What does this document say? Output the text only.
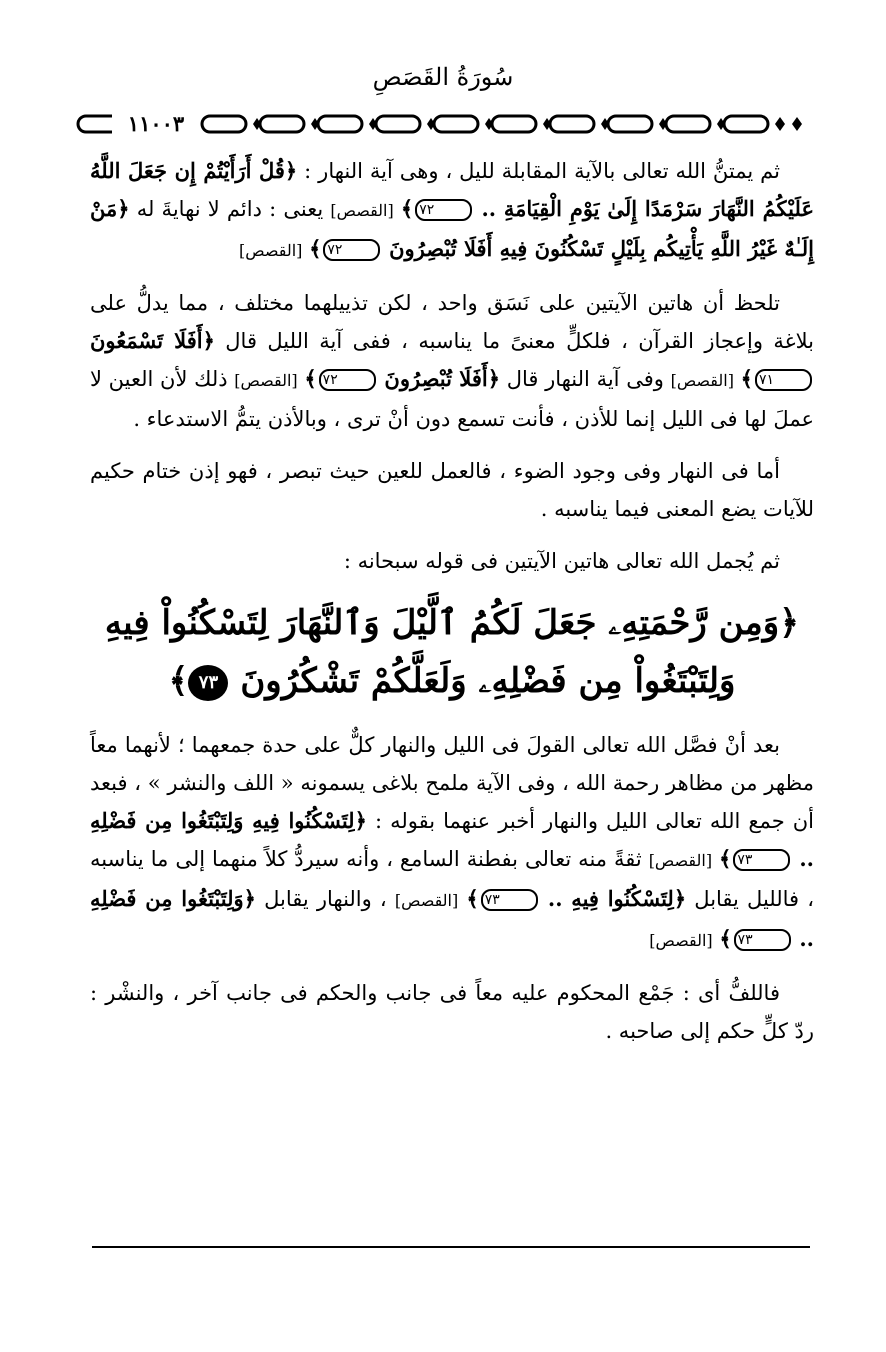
سُورَةُ القَصَصِ
١١٠٠٣

ثم يمتنُّ الله تعالى بالآية المقابلة لليل ، وهى آية النهار : ﴿قُلْ أَرَأَيْتُمْ إِن جَعَلَ اللَّهُ عَلَيْكُمُ النَّهَارَ سَرْمَدًا إِلَىٰ يَوْمِ الْقِيَامَةِ .. ٧٢﴾ [القصص] يعنى : دائم لا نهايةَ له ﴿مَنْ إِلَـٰهٌ غَيْرُ اللَّهِ يَأْتِيكُم بِلَيْلٍ تَسْكُنُونَ فِيهِ أَفَلَا تُبْصِرُونَ ٧٢﴾ [القصص]

تلحظ أن هاتين الآيتين على نَسَق واحد ، لكن تذييلهما مختلف ، مما يدلُّ على بلاغة وإعجاز القرآن ، فلكلٍّ معنىً ما يناسبه ، ففى آية الليل قال ﴿أَفَلَا تَسْمَعُونَ ٧١﴾ [القصص] وفى آية النهار قال ﴿أَفَلَا تُبْصِرُونَ ٧٢﴾ [القصص] ذلك لأن العين لا عملَ لها فى الليل إنما للأذن ، فأنت تسمع دون أنْ ترى ، وبالأذن يتمُّ الاستدعاء .

أما فى النهار وفى وجود الضوء ، فالعمل للعين حيث تبصر ، فهو إذن ختام حكيم للآيات يضع المعنى فيما يناسبه .

ثم يُجمل الله تعالى هاتين الآيتين فى قوله سبحانه :

﴿وَمِن رَّحْمَتِهِۦ جَعَلَ لَكُمُ ٱلَّيْلَ وَٱلنَّهَارَ لِتَسْكُنُواْ فِيهِ
وَلِتَبْتَغُواْ مِن فَضْلِهِۦ وَلَعَلَّكُمْ تَشْكُرُونَ ٧٣﴾

بعد أنْ فصَّل الله تعالى القولَ فى الليل والنهار كلٌّ على حدة جمعهما ؛ لأنهما معاً مظهر من مظاهر رحمة الله ، وفى الآية ملمح بلاغى يسمونه « اللف والنشر » ، فبعد أن جمع الله تعالى الليل والنهار أخبر عنهما بقوله : ﴿لِتَسْكُنُوا فِيهِ وَلِتَبْتَغُوا مِن فَضْلِهِ .. ٧٣﴾ [القصص] ثقةً منه تعالى بفطنة السامع ، وأنه سيردُّ كلاً منهما إلى ما يناسبه ، فالليل يقابل ﴿لِتَسْكُنُوا فِيهِ .. ٧٣﴾ [القصص] ، والنهار يقابل ﴿وَلِتَبْتَغُوا مِن فَضْلِهِ .. ٧٣﴾ [القصص]

فاللفُّ أى : جَمْع المحكوم عليه معاً فى جانب والحكم فى جانب آخر ، والنشْر : ردّ كلٍّ حكم إلى صاحبه .
